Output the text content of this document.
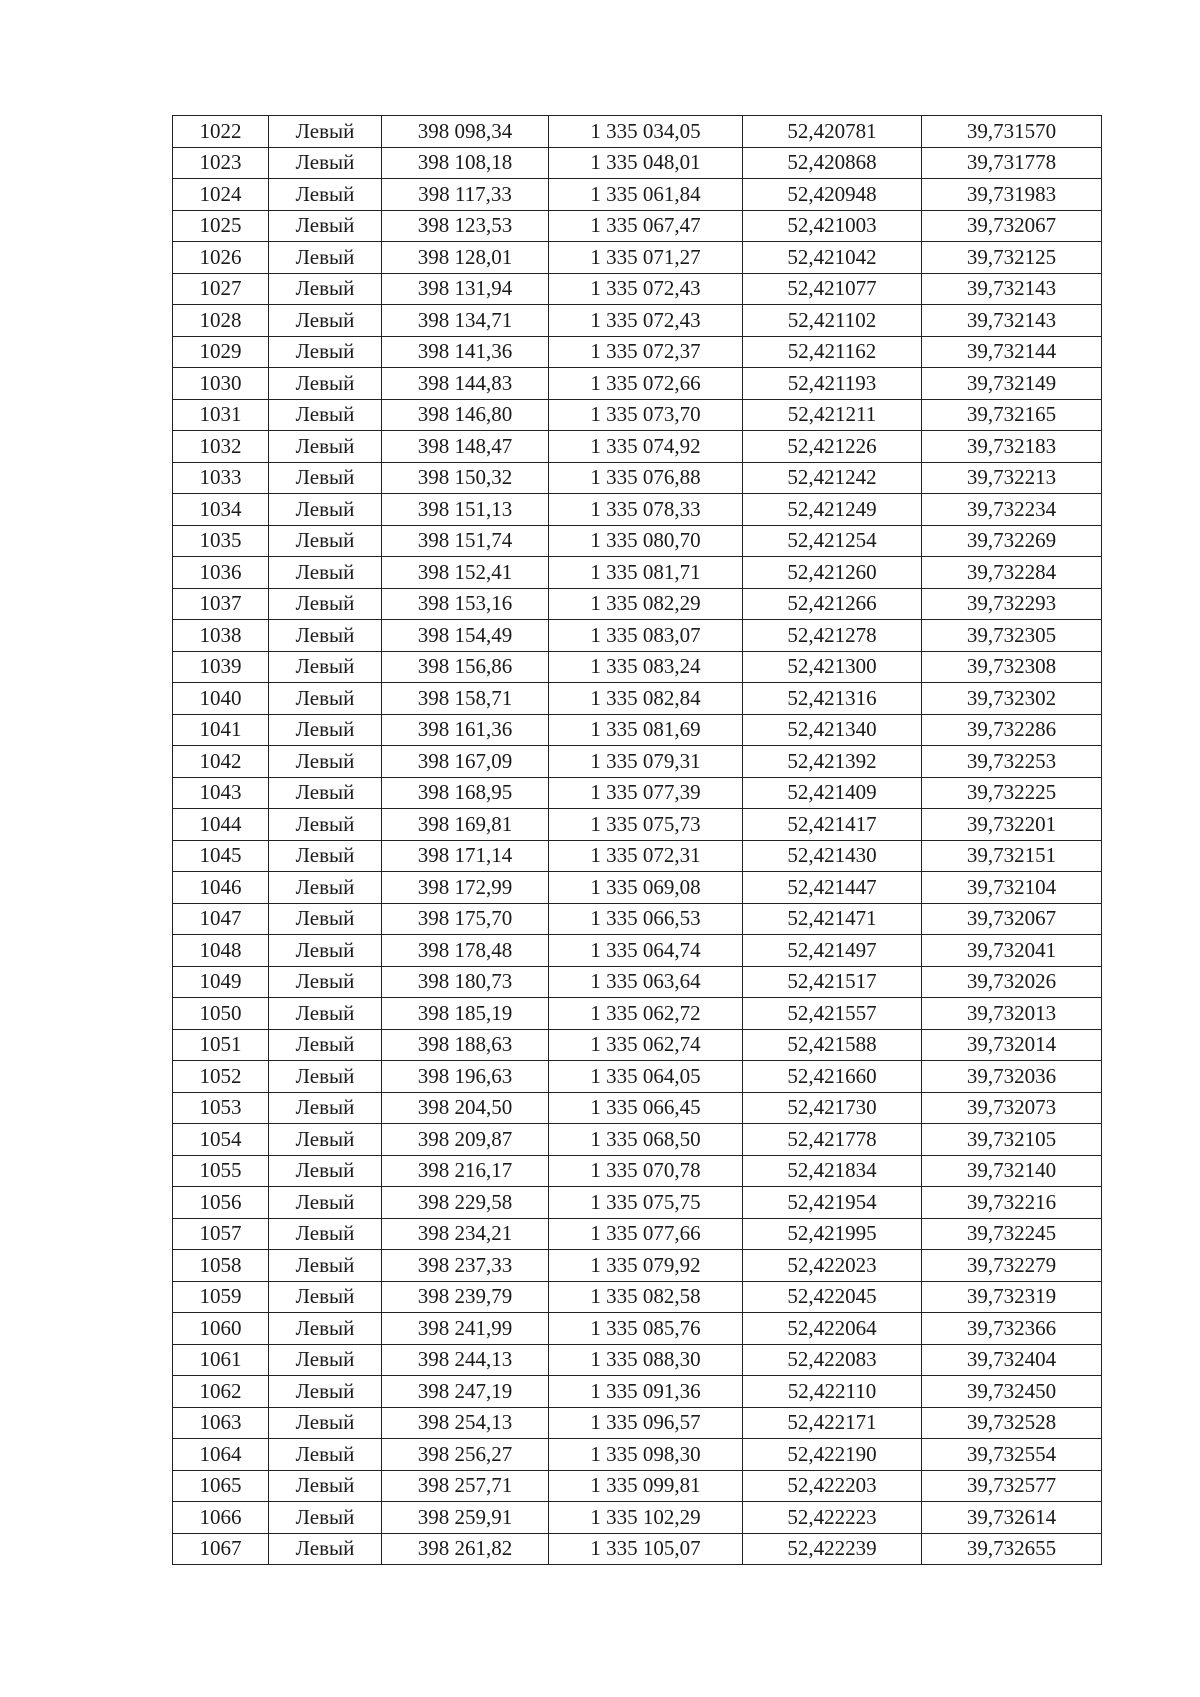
1022	Левый	398 098,34	1 335 034,05	52,420781	39,731570
1023	Левый	398 108,18	1 335 048,01	52,420868	39,731778
1024	Левый	398 117,33	1 335 061,84	52,420948	39,731983
1025	Левый	398 123,53	1 335 067,47	52,421003	39,732067
1026	Левый	398 128,01	1 335 071,27	52,421042	39,732125
1027	Левый	398 131,94	1 335 072,43	52,421077	39,732143
1028	Левый	398 134,71	1 335 072,43	52,421102	39,732143
1029	Левый	398 141,36	1 335 072,37	52,421162	39,732144
1030	Левый	398 144,83	1 335 072,66	52,421193	39,732149
1031	Левый	398 146,80	1 335 073,70	52,421211	39,732165
1032	Левый	398 148,47	1 335 074,92	52,421226	39,732183
1033	Левый	398 150,32	1 335 076,88	52,421242	39,732213
1034	Левый	398 151,13	1 335 078,33	52,421249	39,732234
1035	Левый	398 151,74	1 335 080,70	52,421254	39,732269
1036	Левый	398 152,41	1 335 081,71	52,421260	39,732284
1037	Левый	398 153,16	1 335 082,29	52,421266	39,732293
1038	Левый	398 154,49	1 335 083,07	52,421278	39,732305
1039	Левый	398 156,86	1 335 083,24	52,421300	39,732308
1040	Левый	398 158,71	1 335 082,84	52,421316	39,732302
1041	Левый	398 161,36	1 335 081,69	52,421340	39,732286
1042	Левый	398 167,09	1 335 079,31	52,421392	39,732253
1043	Левый	398 168,95	1 335 077,39	52,421409	39,732225
1044	Левый	398 169,81	1 335 075,73	52,421417	39,732201
1045	Левый	398 171,14	1 335 072,31	52,421430	39,732151
1046	Левый	398 172,99	1 335 069,08	52,421447	39,732104
1047	Левый	398 175,70	1 335 066,53	52,421471	39,732067
1048	Левый	398 178,48	1 335 064,74	52,421497	39,732041
1049	Левый	398 180,73	1 335 063,64	52,421517	39,732026
1050	Левый	398 185,19	1 335 062,72	52,421557	39,732013
1051	Левый	398 188,63	1 335 062,74	52,421588	39,732014
1052	Левый	398 196,63	1 335 064,05	52,421660	39,732036
1053	Левый	398 204,50	1 335 066,45	52,421730	39,732073
1054	Левый	398 209,87	1 335 068,50	52,421778	39,732105
1055	Левый	398 216,17	1 335 070,78	52,421834	39,732140
1056	Левый	398 229,58	1 335 075,75	52,421954	39,732216
1057	Левый	398 234,21	1 335 077,66	52,421995	39,732245
1058	Левый	398 237,33	1 335 079,92	52,422023	39,732279
1059	Левый	398 239,79	1 335 082,58	52,422045	39,732319
1060	Левый	398 241,99	1 335 085,76	52,422064	39,732366
1061	Левый	398 244,13	1 335 088,30	52,422083	39,732404
1062	Левый	398 247,19	1 335 091,36	52,422110	39,732450
1063	Левый	398 254,13	1 335 096,57	52,422171	39,732528
1064	Левый	398 256,27	1 335 098,30	52,422190	39,732554
1065	Левый	398 257,71	1 335 099,81	52,422203	39,732577
1066	Левый	398 259,91	1 335 102,29	52,422223	39,732614
1067	Левый	398 261,82	1 335 105,07	52,422239	39,732655
